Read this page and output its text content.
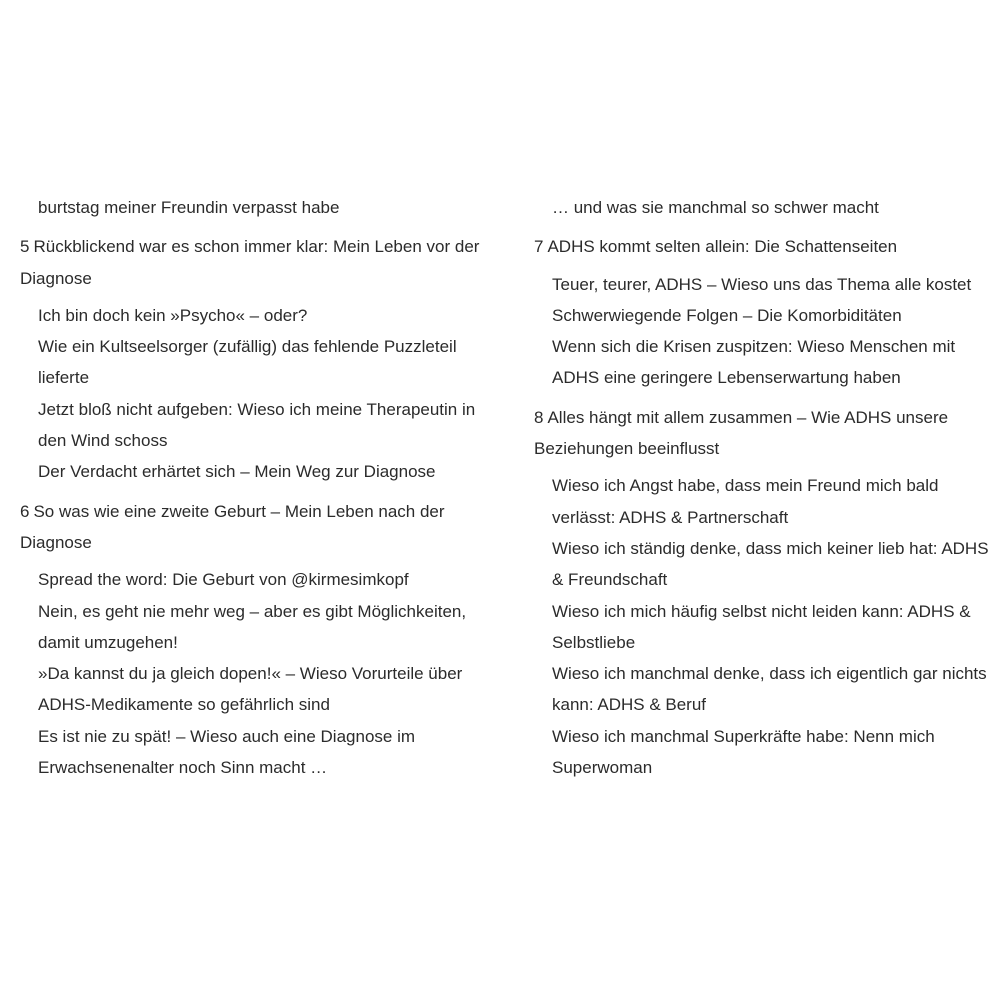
burtstag meiner Freundin verpasst habe

5 Rückblickend war es schon immer klar: Mein Leben vor der Diagnose

Ich bin doch kein »Psycho« – oder?
Wie ein Kultseelsorger (zufällig) das fehlende Puzzleteil lieferte
Jetzt bloß nicht aufgeben: Wieso ich meine Therapeutin in den Wind schoss
Der Verdacht erhärtet sich – Mein Weg zur Diagnose

6 So was wie eine zweite Geburt – Mein Leben nach der Diagnose

Spread the word: Die Geburt von @kirmesimkopf
Nein, es geht nie mehr weg – aber es gibt Möglichkeiten, damit umzugehen!
»Da kannst du ja gleich dopen!« – Wieso Vorurteile über ADHS-Medikamente so gefährlich sind
Es ist nie zu spät! – Wieso auch eine Diagnose im Erwachsenenalter noch Sinn macht …

… und was sie manchmal so schwer macht

7 ADHS kommt selten allein: Die Schattenseiten

Teuer, teurer, ADHS – Wieso uns das Thema alle kostet
Schwerwiegende Folgen – Die Komorbiditäten
Wenn sich die Krisen zuspitzen: Wieso Menschen mit ADHS eine geringere Lebenserwartung haben

8 Alles hängt mit allem zusammen – Wie ADHS unsere Beziehungen beeinflusst

Wieso ich Angst habe, dass mein Freund mich bald verlässt: ADHS & Partnerschaft
Wieso ich ständig denke, dass mich keiner lieb hat: ADHS & Freundschaft
Wieso ich mich häufig selbst nicht leiden kann: ADHS & Selbstliebe
Wieso ich manchmal denke, dass ich eigentlich gar nichts kann: ADHS & Beruf
Wieso ich manchmal Superkräfte habe: Nenn mich Superwoman
